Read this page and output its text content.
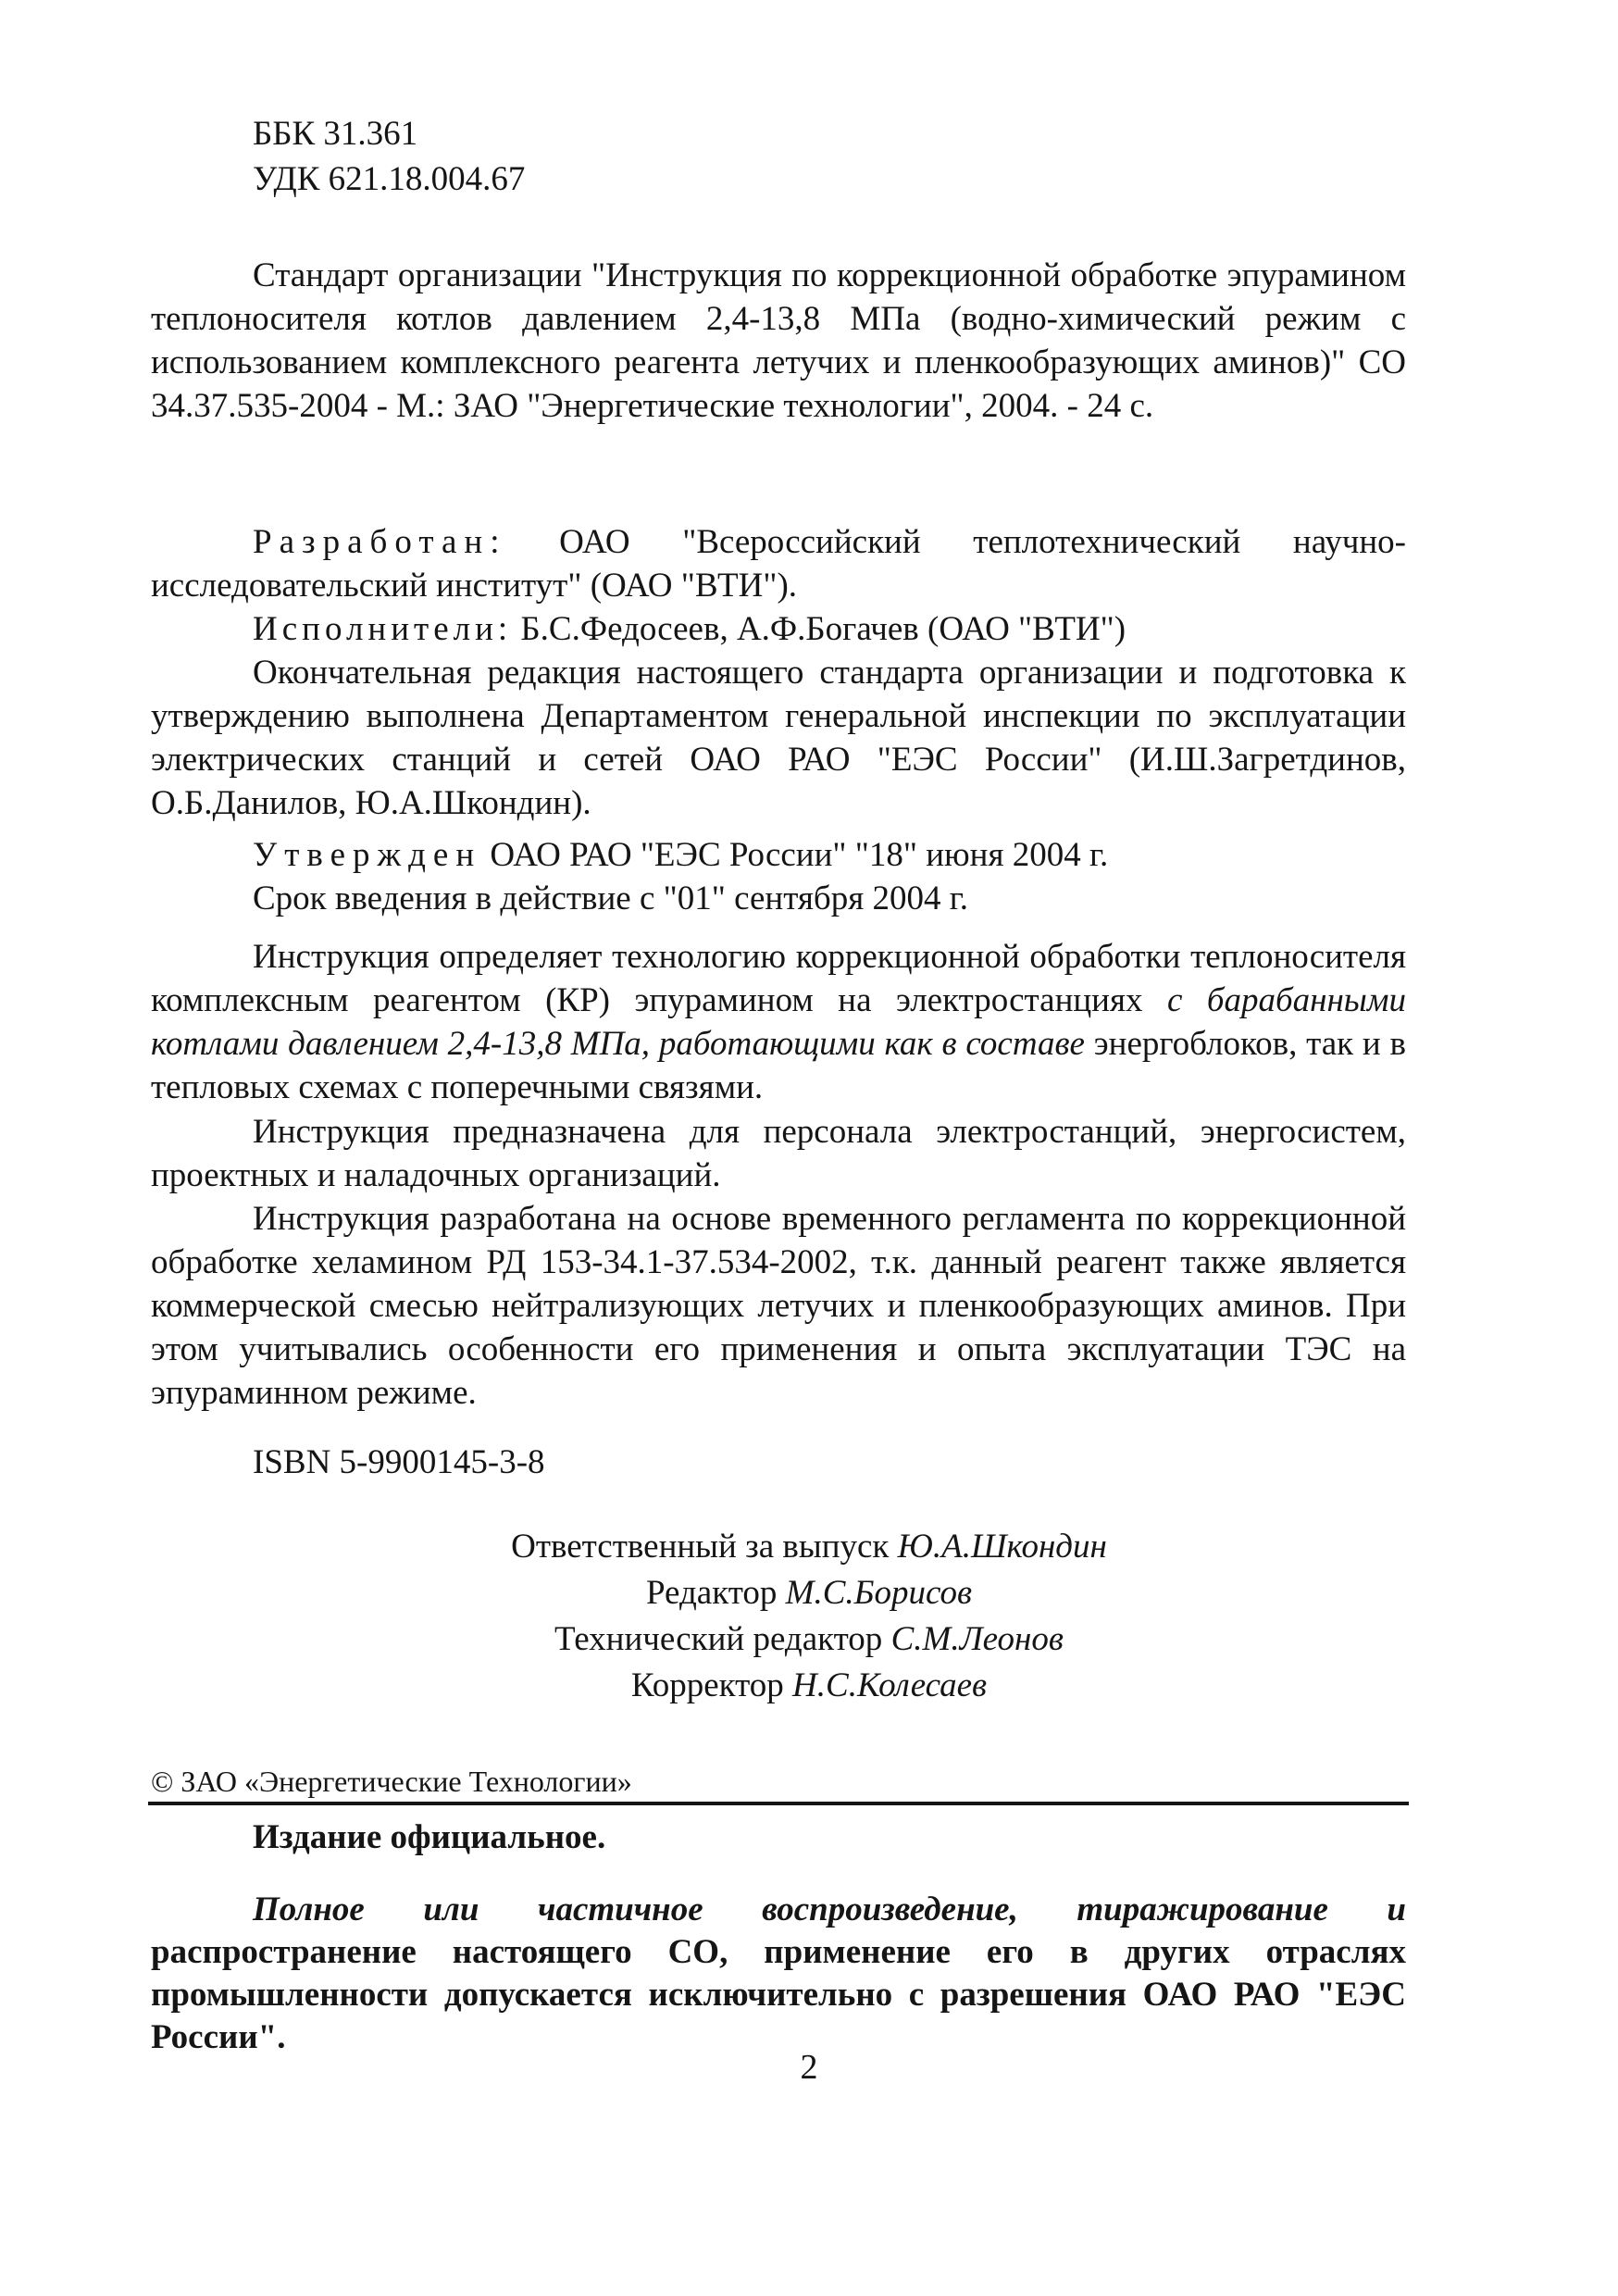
ББК 31.361
УДК 621.18.004.67
Стандарт организации "Инструкция по коррекционной обработке эпурамином теплоносителя котлов давлением 2,4-13,8 МПа (водно-химический режим с использованием комплексного реагента летучих и пленкообразующих аминов)" СО 34.37.535-2004 - М.: ЗАО "Энергетические технологии", 2004. - 24 с.
Разработан: ОАО "Всероссийский теплотехнический научно-исследовательский институт" (ОАО "ВТИ").
Исполнители: Б.С.Федосеев, А.Ф.Богачев (ОАО "ВТИ")
Окончательная редакция настоящего стандарта организации и подготовка к утверждению выполнена Департаментом генеральной инспекции по эксплуатации электрических станций и сетей ОАО РАО "ЕЭС России" (И.Ш.Загретдинов, О.Б.Данилов, Ю.А.Шкондин).
Утвержден ОАО РАО "ЕЭС России" "18" июня 2004 г.
Срок введения в действие с "01" сентября 2004 г.
Инструкция определяет технологию коррекционной обработки теплоносителя комплексным реагентом (КР) эпурамином на электростанциях с барабанными котлами давлением 2,4-13,8 МПа, работающими как в составе энергоблоков, так и в тепловых схемах с поперечными связями.
Инструкция предназначена для персонала электростанций, энергосистем, проектных и наладочных организаций.
Инструкция разработана на основе временного регламента по коррекционной обработке хеламином РД 153-34.1-37.534-2002, т.к. данный реагент также является коммерческой смесью нейтрализующих летучих и пленкообразующих аминов. При этом учитывались особенности его применения и опыта эксплуатации ТЭС на эпураминном режиме.
ISBN 5-9900145-3-8
Ответственный за выпуск Ю.А.Шкондин
Редактор М.С.Борисов
Технический редактор С.М.Леонов
Корректор Н.С.Колесаев
© ЗАО «Энергетические Технологии»
Издание официальное.
Полное или частичное воспроизведение, тиражирование и распространение настоящего СО, применение его в других отраслях промышленности допускается исключительно с разрешения ОАО РАО "ЕЭС России".
2
